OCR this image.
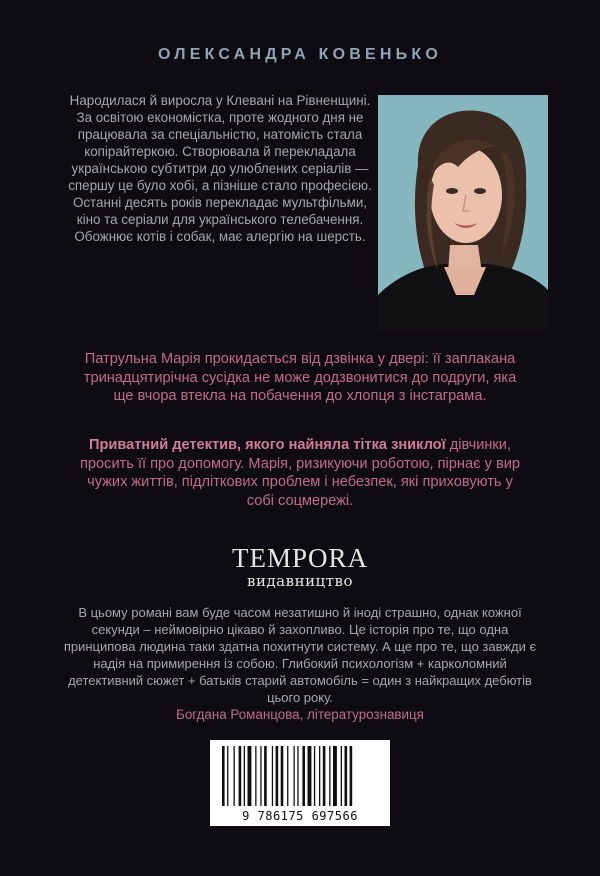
ОЛЕКСАНДРА КОВЕНЬКО

Народилася й виросла у Клевані на Рівненщині. За освітою економістка, проте жодного дня не працювала за спеціальністю, натомість стала копірайтеркою. Створювала й перекладала українською субтитри до улюблених серіалів — спершу це було хобі, а пізніше стало професією. Останні десять років перекладає мультфільми, кіно та серіали для українського телебачення. Обожнює котів і собак, має алергію на шерсть.

Патрульна Марія прокидається від дзвінка у двері: її заплакана тринадцятирічна сусідка не може додзвонитися до подруги, яка ще вчора втекла на побачення до хлопця з інстаграма.

Приватний детектив, якого найняла тітка зниклої дівчинки, просить її про допомогу. Марія, ризикуючи роботою, пірнає у вир чужих життів, підліткових проблем і небезпек, які приховують у собі соцмережі.

TEMPORA
видавництво

В цьому романі вам буде часом незатишно й іноді страшно, однак кожної секунди – неймовірно цікаво й захопливо. Це історія про те, що одна принципова людина таки здатна похитнути систему. А ще про те, що завжди є надія на примирення із собою. Глибокий психологізм + карколомний детективний сюжет + батьків старий автомобіль = один з найкращих дебютів цього року.

Богдана Романцова, літературознавиця
9 786175 697566
